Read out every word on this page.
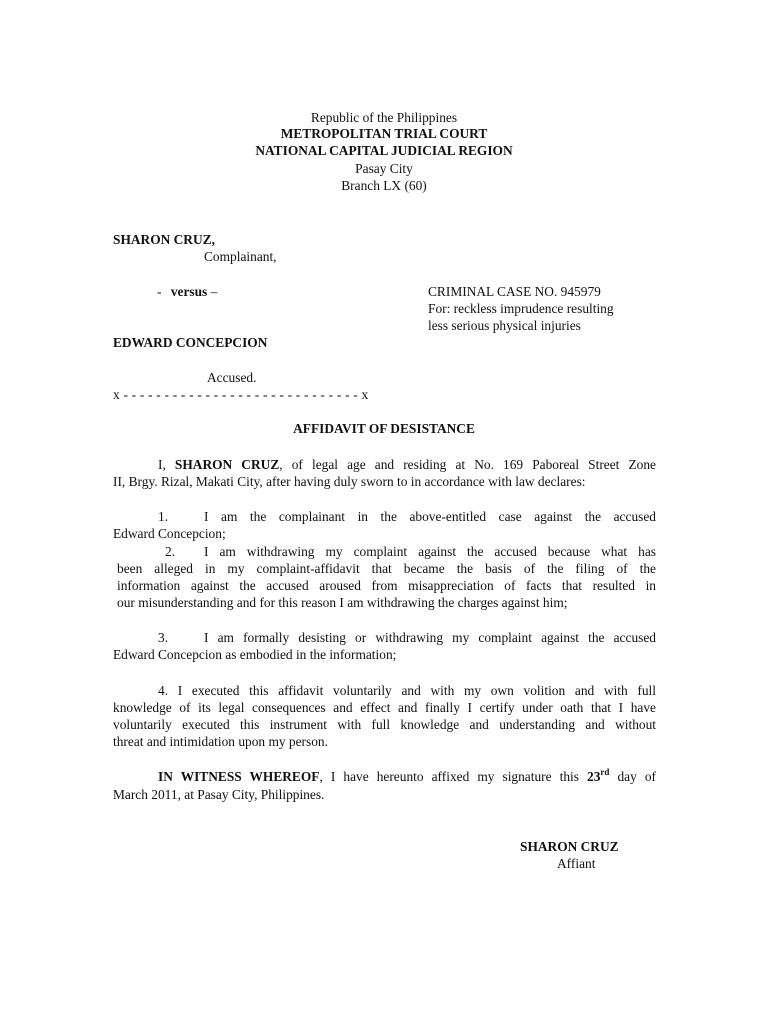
Republic of the Philippines
METROPOLITAN TRIAL COURT
NATIONAL CAPITAL JUDICIAL REGION
Pasay City
Branch LX (60)
SHARON CRUZ,
Complainant,
- versus –	CRIMINAL CASE NO. 945979
For: reckless imprudence resulting
less serious physical injuries
EDWARD CONCEPCION
Accused.
x - - - - - - - - - - - - - - - - - - - - - - - - - - - - - x
AFFIDAVIT OF DESISTANCE
I, SHARON CRUZ, of legal age and residing at No. 169 Paboreal Street Zone
II, Brgy. Rizal, Makati City, after having duly sworn to in accordance with law declares:
1.	I am the complainant in the above-entitled case against the accused
Edward Concepcion;
2. I am withdrawing my complaint against the accused because what has
been alleged in my complaint-affidavit that became the basis of the filing of the
information against the accused aroused from misappreciation of facts that resulted in
our misunderstanding and for this reason I am withdrawing the charges against him;
3.	I am formally desisting or withdrawing my complaint against the accused
Edward Concepcion as embodied in the information;
4. I executed this affidavit voluntarily and with my own volition and with full
knowledge of its legal consequences and effect and finally I certify under oath that I have
voluntarily executed this instrument with full knowledge and understanding and without
threat and intimidation upon my person.
IN WITNESS WHEREOF, I have hereunto affixed my signature this 23rd day of
March 2011, at Pasay City, Philippines.
SHARON CRUZ
Affiant
